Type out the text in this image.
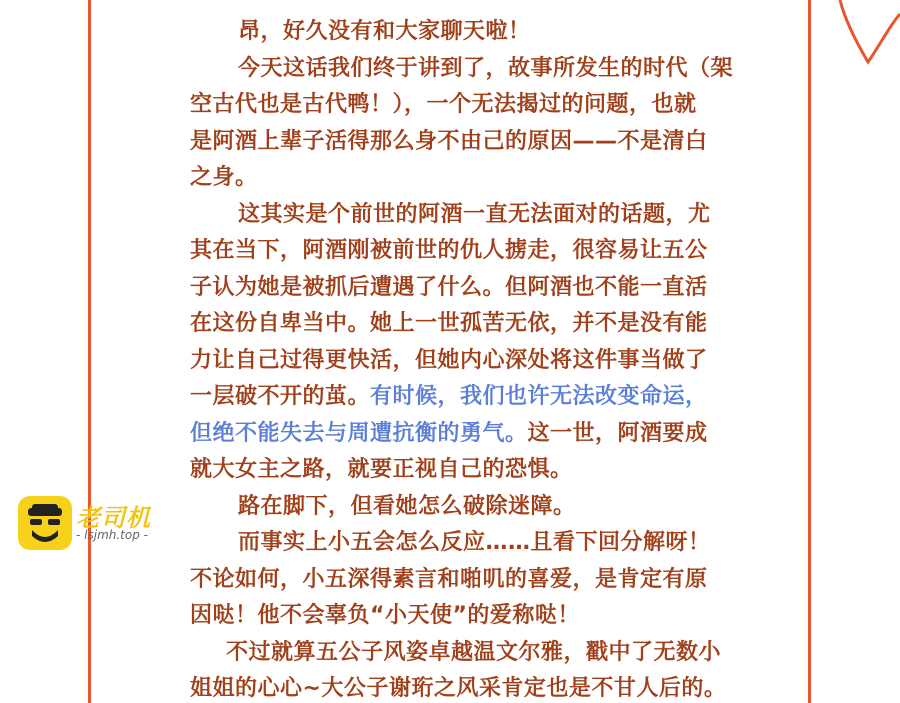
昂，好久没有和大家聊天啦！
今天这话我们终于讲到了，故事所发生的时代（架
空古代也是古代鸭！），一个无法揭过的问题，也就
是阿酒上辈子活得那么身不由己的原因——不是清白
之身。
这其实是个前世的阿酒一直无法面对的话题，尤
其在当下，阿酒刚被前世的仇人掳走，很容易让五公
子认为她是被抓后遭遇了什么。但阿酒也不能一直活
在这份自卑当中。她上一世孤苦无依，并不是没有能
力让自己过得更快活，但她内心深处将这件事当做了
一层破不开的茧。有时候，我们也许无法改变命运，
但绝不能失去与周遭抗衡的勇气。这一世，阿酒要成
就大女主之路，就要正视自己的恐惧。
路在脚下，但看她怎么破除迷障。
而事实上小五会怎么反应……且看下回分解呀！
不论如何，小五深得素言和啪叽的喜爱，是肯定有原
因哒！他不会辜负“小天使”的爱称哒！
不过就算五公子风姿卓越温文尔雅，戳中了无数小
姐姐的心心~大公子谢珩之风采肯定也是不甘人后的。
老司机
- lsjmh.top -
